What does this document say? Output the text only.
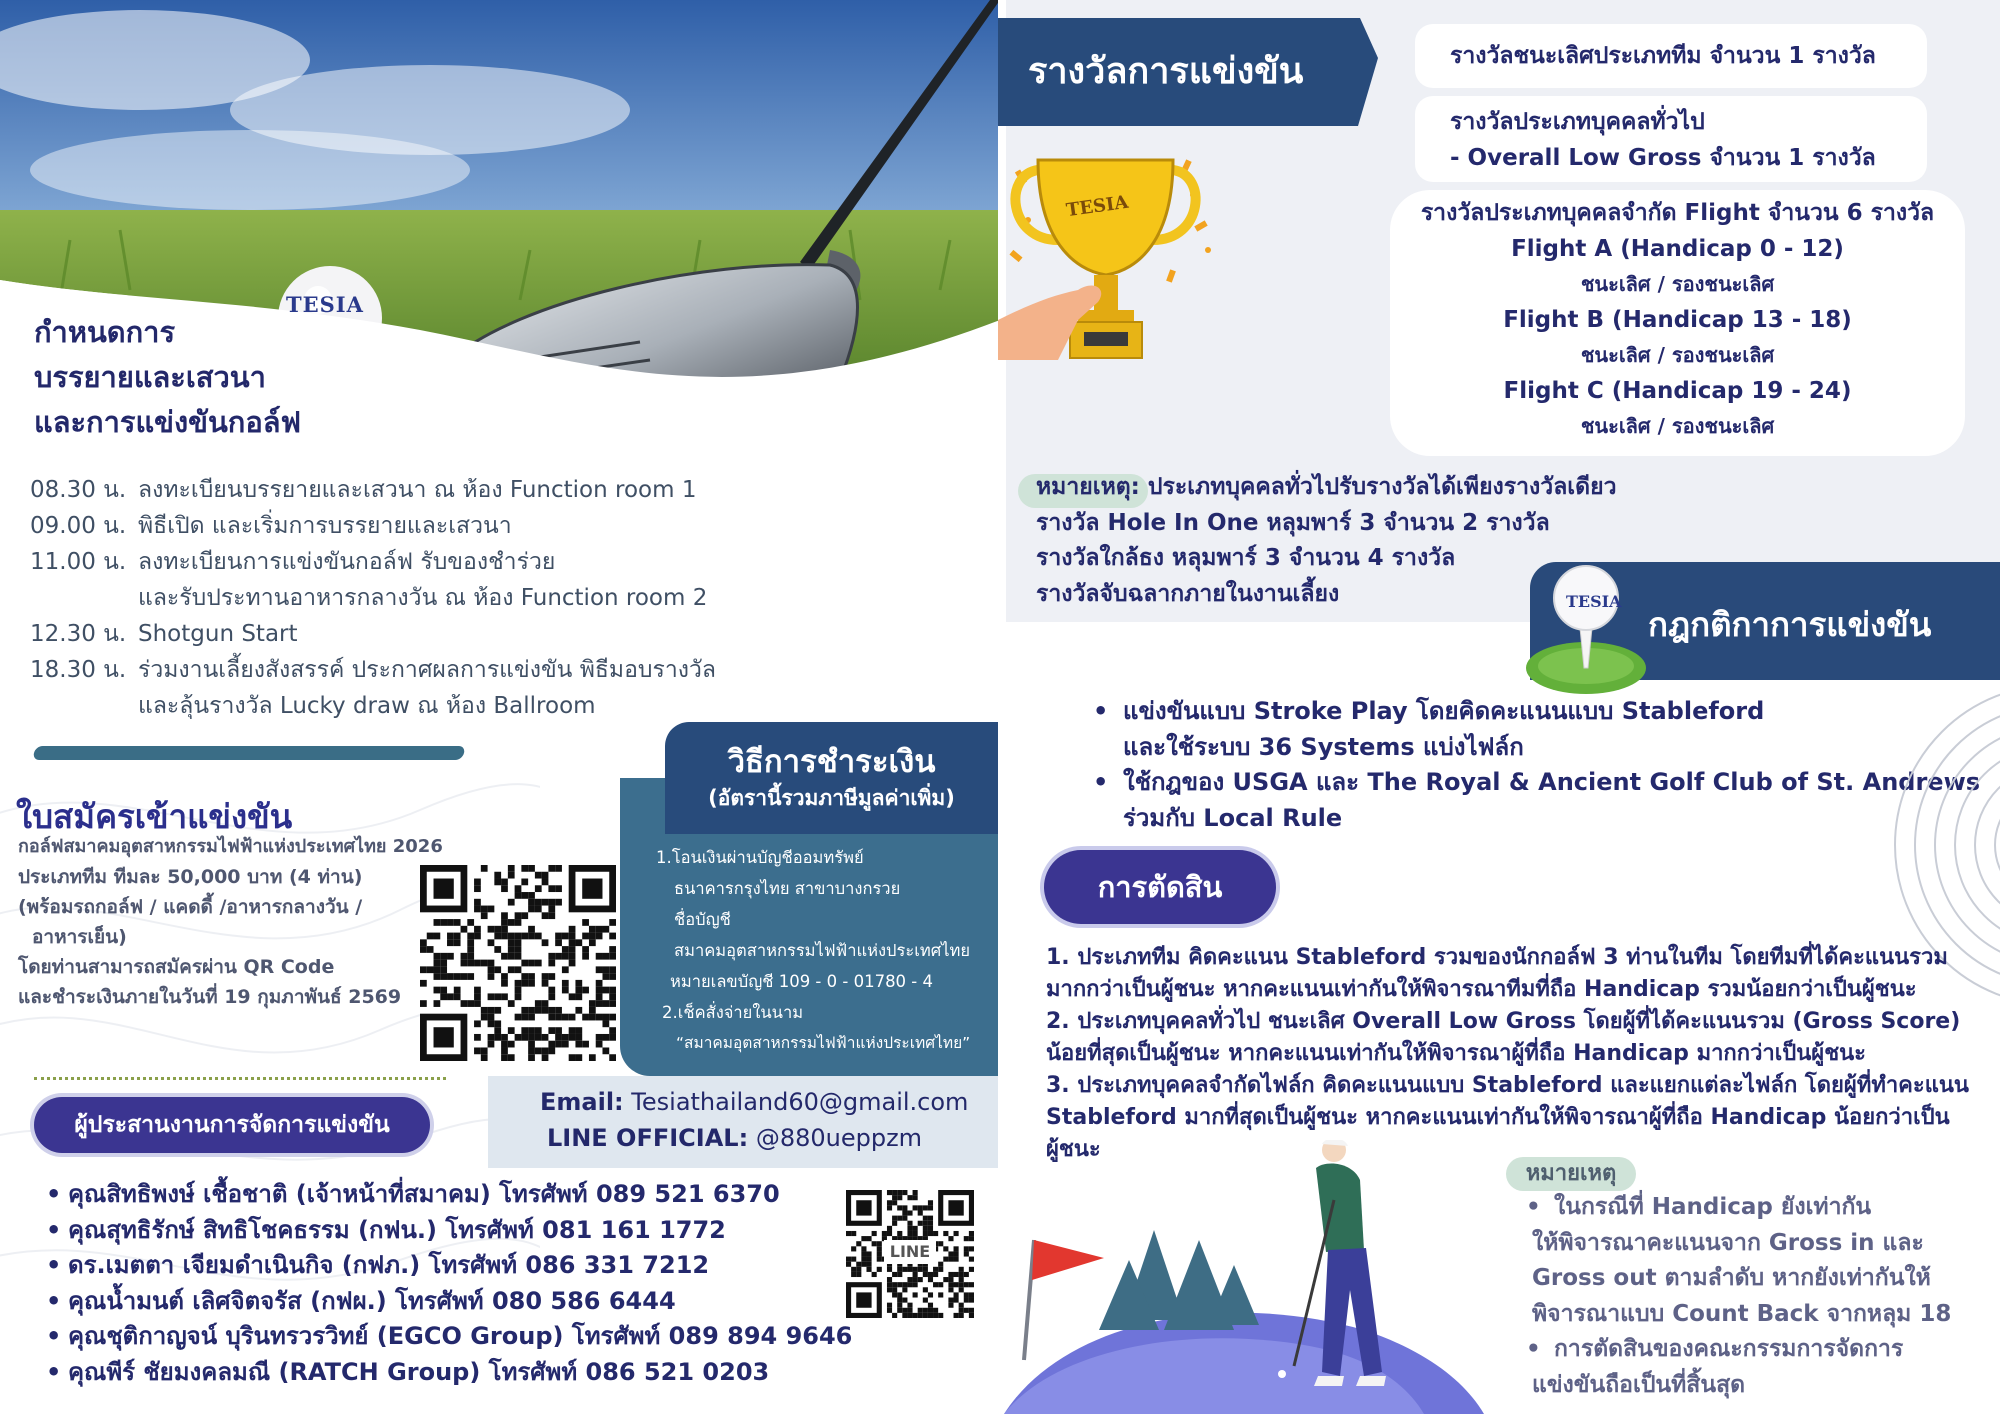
TESIA
กำหนดการ
บรรยายและเสวนา
และการแข่งขันกอล์ฟ
08.30 น. ลงทะเบียนบรรยายและเสวนา ณ ห้อง Function room 1
09.00 น. พิธีเปิด และเริ่มการบรรยายและเสวนา
11.00 น. ลงทะเบียนการแข่งขันกอล์ฟ รับของชำร่วย
และรับประทานอาหารกลางวัน ณ ห้อง Function room 2
12.30 น. Shotgun Start
18.30 น. ร่วมงานเลี้ยงสังสรรค์ ประกาศผลการแข่งขัน พิธีมอบรางวัล
และลุ้นรางวัล Lucky draw ณ ห้อง Ballroom
ใบสมัครเข้าแข่งขัน
กอล์ฟสมาคมอุตสาหกรรมไฟฟ้าแห่งประเทศไทย 2026
ประเภททีม ทีมละ 50,000 บาท (4 ท่าน)
(พร้อมรถกอล์ฟ / แคดดี้ /อาหารกลางวัน /
อาหารเย็น)
โดยท่านสามารถสมัครผ่าน QR Code
และชำระเงินภายในวันที่ 19 กุมภาพันธ์ 2569
วิธีการชำระเงิน
(อัตรานี้รวมภาษีมูลค่าเพิ่ม)
1.โอนเงินผ่านบัญชีออมทรัพย์
ธนาคารกรุงไทย สาขาบางกรวย
ชื่อบัญชี
สมาคมอุตสาหกรรมไฟฟ้าแห่งประเทศไทย
หมายเลขบัญชี 109 - 0 - 01780 - 4
2.เช็คสั่งจ่ายในนาม
“สมาคมอุตสาหกรรมไฟฟ้าแห่งประเทศไทย”
Email: Tesiathailand60@gmail.com
LINE OFFICIAL: @880ueppzm
ผู้ประสานงานการจัดการแข่งขัน
• คุณสิทธิพงษ์ เชื้อชาติ (เจ้าหน้าที่สมาคม) โทรศัพท์ 089 521 6370
• คุณสุทธิรักษ์ สิทธิโชคธรรม (กฟน.) โทรศัพท์ 081 161 1772
• ดร.เมตตา เจียมดำเนินกิจ (กฟภ.) โทรศัพท์ 086 331 7212
• คุณน้ำมนต์ เลิศจิตจรัส (กฟผ.) โทรศัพท์ 080 586 6444
• คุณชุติกาญจน์ บุรินทรวรวิทย์ (EGCO Group) โทรศัพท์ 089 894 9646
• คุณพีร์ ชัยมงคลมณี (RATCH Group) โทรศัพท์ 086 521 0203
LINE
รางวัลการแข่งขัน
TESIA
รางวัลชนะเลิศประเภททีม จำนวน 1 รางวัล
รางวัลประเภทบุคคลทั่วไป
- Overall Low Gross จำนวน 1 รางวัล
รางวัลประเภทบุคคลจำกัด Flight จำนวน 6 รางวัล
Flight A (Handicap 0 - 12)
ชนะเลิศ / รองชนะเลิศ
Flight B (Handicap 13 - 18)
ชนะเลิศ / รองชนะเลิศ
Flight C (Handicap 19 - 24)
ชนะเลิศ / รองชนะเลิศ
หมายเหตุ: ประเภทบุคคลทั่วไปรับรางวัลได้เพียงรางวัลเดียว
รางวัล Hole In One หลุมพาร์ 3 จำนวน 2 รางวัล
รางวัลใกล้ธง หลุมพาร์ 3 จำนวน 4 รางวัล
รางวัลจับฉลากภายในงานเลี้ยง	TESIA
กฎกติกาการแข่งขัน
• แข่งขันแบบ Stroke Play โดยคิดคะแนนแบบ Stableford
และใช้ระบบ 36 Systems แบ่งไฟล์ก
• ใช้กฎของ USGA และ The Royal & Ancient Golf Club of St. Andrews
ร่วมกับ Local Rule
การตัดสิน
1. ประเภททีม คิดคะแนน Stableford รวมของนักกอล์ฟ 3 ท่านในทีม โดยทีมที่ได้คะแนนรวม
มากกว่าเป็นผู้ชนะ หากคะแนนเท่ากันให้พิจารณาทีมที่ถือ Handicap รวมน้อยกว่าเป็นผู้ชนะ
2. ประเภทบุคคลทั่วไป ชนะเลิศ Overall Low Gross โดยผู้ที่ได้คะแนนรวม (Gross Score)
น้อยที่สุดเป็นผู้ชนะ หากคะแนนเท่ากันให้พิจารณาผู้ที่ถือ Handicap มากกว่าเป็นผู้ชนะ
3. ประเภทบุคคลจำกัดไฟล์ก คิดคะแนนแบบ Stableford และแยกแต่ละไฟล์ก โดยผู้ที่ทำคะแนน
Stableford มากที่สุดเป็นผู้ชนะ หากคะแนนเท่ากันให้พิจารณาผู้ที่ถือ Handicap น้อยกว่าเป็น
ผู้ชนะ
หมายเหตุ
• ในกรณีที่ Handicap ยังเท่ากัน
ให้พิจารณาคะแนนจาก Gross in และ
Gross out ตามลำดับ หากยังเท่ากันให้
พิจารณาแบบ Count Back จากหลุม 18
• การตัดสินของคณะกรรมการจัดการ
แข่งขันถือเป็นที่สิ้นสุด
